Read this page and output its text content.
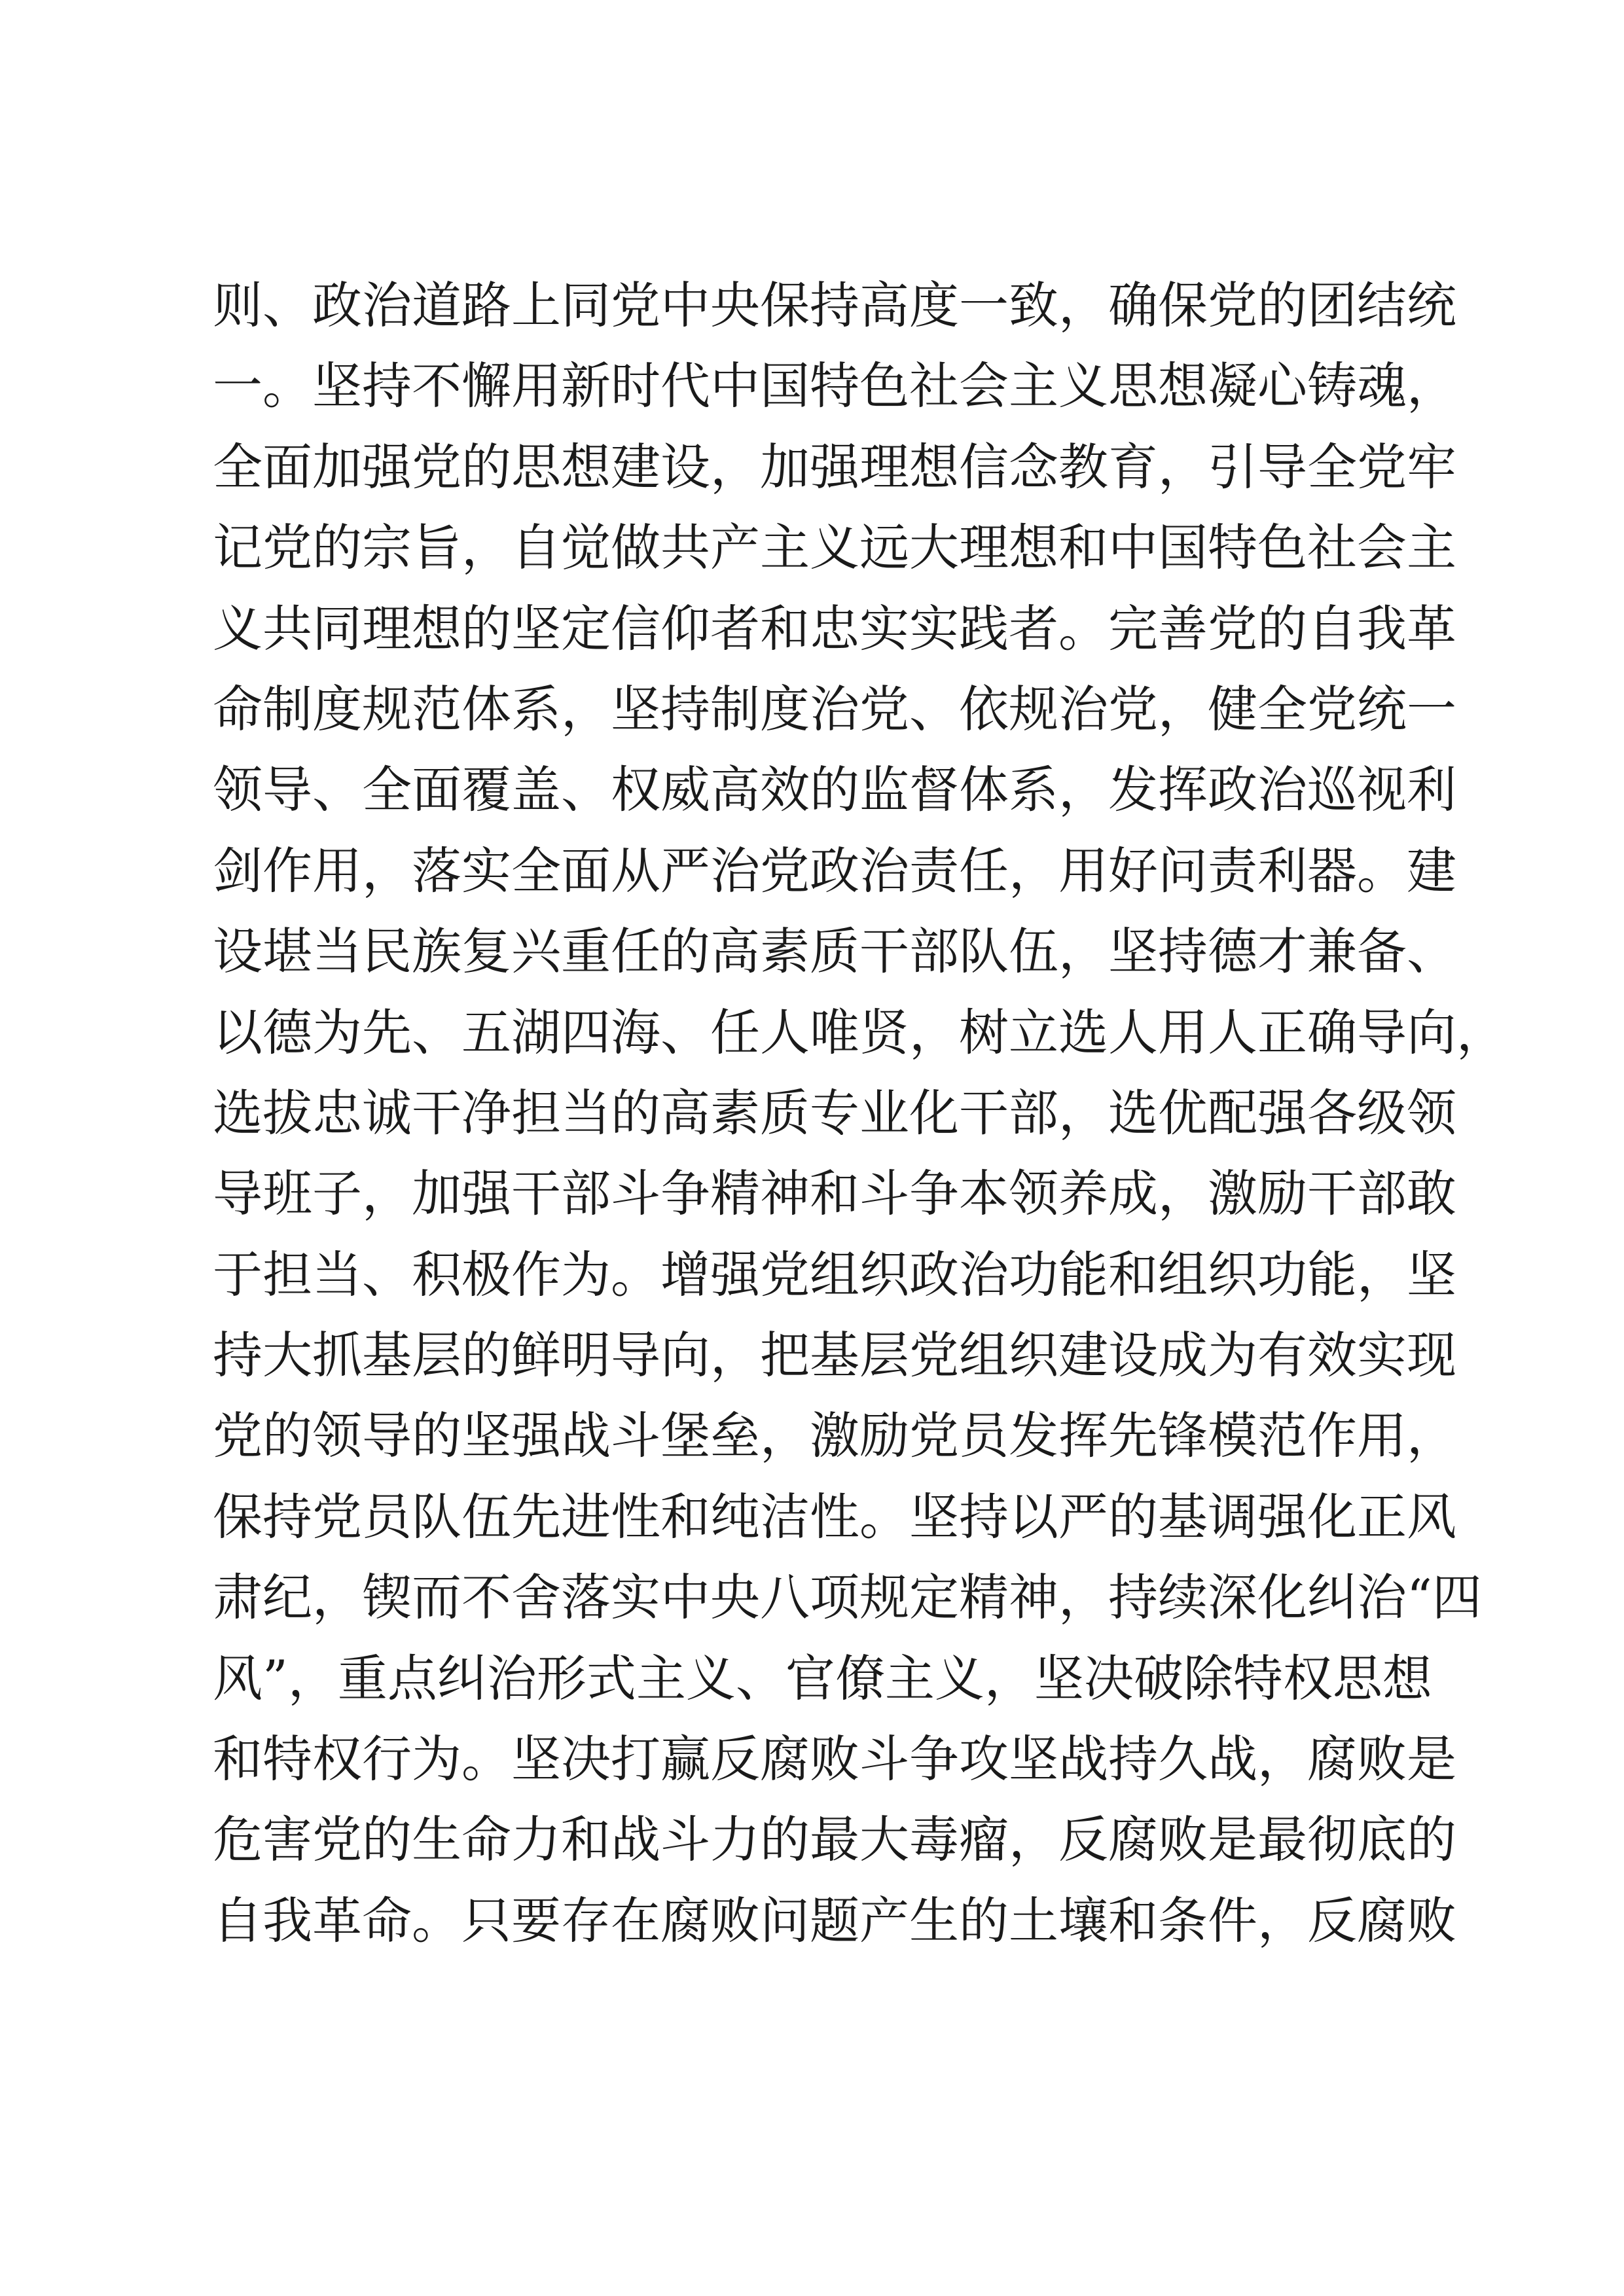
则、政治道路上同党中央保持高度一致，确保党的团结统
一。坚持不懈用新时代中国特色社会主义思想凝心铸魂，
全面加强党的思想建设，加强理想信念教育，引导全党牢
记党的宗旨，自觉做共产主义远大理想和中国特色社会主
义共同理想的坚定信仰者和忠实实践者。完善党的自我革
命制度规范体系，坚持制度治党、依规治党，健全党统一
领导、全面覆盖、权威高效的监督体系，发挥政治巡视利
剑作用，落实全面从严治党政治责任，用好问责利器。建
设堪当民族复兴重任的高素质干部队伍，坚持德才兼备、
以德为先、五湖四海、任人唯贤，树立选人用人正确导向，
选拔忠诚干净担当的高素质专业化干部，选优配强各级领
导班子，加强干部斗争精神和斗争本领养成，激励干部敢
于担当、积极作为。增强党组织政治功能和组织功能，坚
持大抓基层的鲜明导向，把基层党组织建设成为有效实现
党的领导的坚强战斗堡垒，激励党员发挥先锋模范作用，
保持党员队伍先进性和纯洁性。坚持以严的基调强化正风
肃纪，锲而不舍落实中央八项规定精神，持续深化纠治“四
风”，重点纠治形式主义、官僚主义，坚决破除特权思想
和特权行为。坚决打赢反腐败斗争攻坚战持久战，腐败是
危害党的生命力和战斗力的最大毒瘤，反腐败是最彻底的
自我革命。只要存在腐败问题产生的土壤和条件，反腐败
